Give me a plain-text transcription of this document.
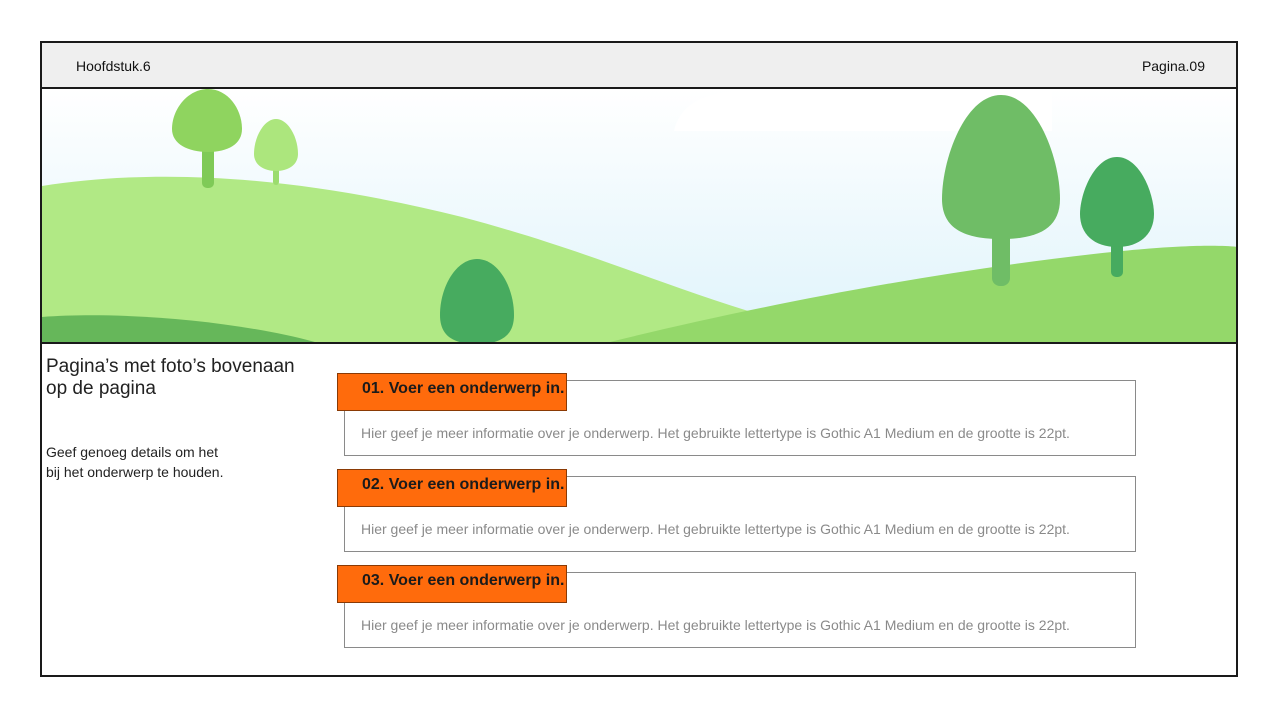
Hoofdstuk.6	Pagina.09
Pagina’s met foto’s bovenaan
op de pagina
Geef genoeg details om het
bij het onderwerp te houden.
01. Voer een onderwerp in.
Hier geef je meer informatie over je onderwerp. Het gebruikte lettertype is Gothic A1 Medium en de grootte is 22pt.
02. Voer een onderwerp in.
Hier geef je meer informatie over je onderwerp. Het gebruikte lettertype is Gothic A1 Medium en de grootte is 22pt.
03. Voer een onderwerp in.
Hier geef je meer informatie over je onderwerp. Het gebruikte lettertype is Gothic A1 Medium en de grootte is 22pt.
